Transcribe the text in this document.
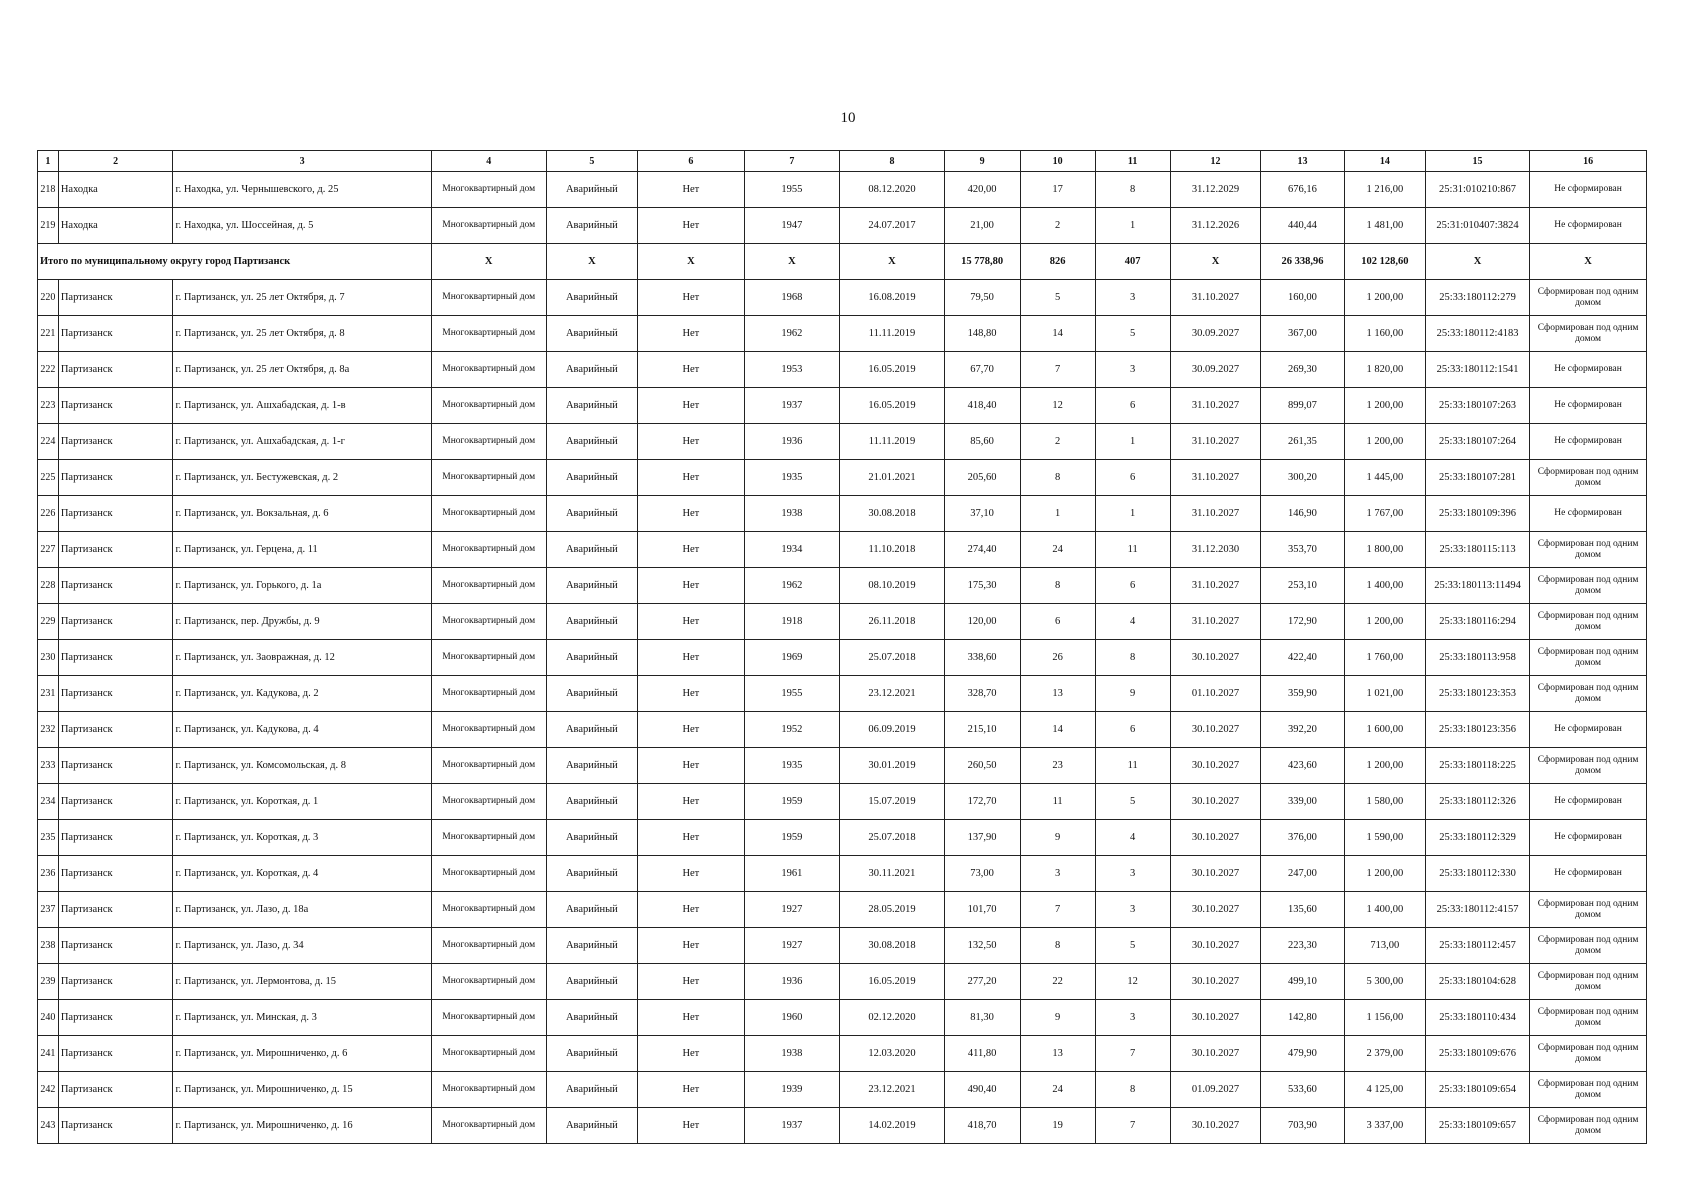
10
1	2	3	4	5	6	7	8	9	10	11	12	13	14	15	16
218	Находка	г. Находка, ул. Чернышевского, д. 25	Многоквартирный дом	Аварийный	Нет	1955	08.12.2020	420,00	17	8	31.12.2029	676,16	1 216,00	25:31:010210:867	Не сформирован
219	Находка	г. Находка, ул. Шоссейная, д. 5	Многоквартирный дом	Аварийный	Нет	1947	24.07.2017	21,00	2	1	31.12.2026	440,44	1 481,00	25:31:010407:3824	Не сформирован
Итого по муниципальному округу город Партизанск			X	X	X	X	X	15 778,80	826	407	X	26 338,96	102 128,60	X	X
220	Партизанск	г. Партизанск, ул. 25 лет Октября, д. 7	Многоквартирный дом	Аварийный	Нет	1968	16.08.2019	79,50	5	3	31.10.2027	160,00	1 200,00	25:33:180112:279	Сформирован под одним домом
221	Партизанск	г. Партизанск, ул. 25 лет Октября, д. 8	Многоквартирный дом	Аварийный	Нет	1962	11.11.2019	148,80	14	5	30.09.2027	367,00	1 160,00	25:33:180112:4183	Сформирован под одним домом
222	Партизанск	г. Партизанск, ул. 25 лет Октября, д. 8а	Многоквартирный дом	Аварийный	Нет	1953	16.05.2019	67,70	7	3	30.09.2027	269,30	1 820,00	25:33:180112:1541	Не сформирован
223	Партизанск	г. Партизанск, ул. Ашхабадская, д. 1-в	Многоквартирный дом	Аварийный	Нет	1937	16.05.2019	418,40	12	6	31.10.2027	899,07	1 200,00	25:33:180107:263	Не сформирован
224	Партизанск	г. Партизанск, ул. Ашхабадская, д. 1-г	Многоквартирный дом	Аварийный	Нет	1936	11.11.2019	85,60	2	1	31.10.2027	261,35	1 200,00	25:33:180107:264	Не сформирован
225	Партизанск	г. Партизанск, ул. Бестужевская, д. 2	Многоквартирный дом	Аварийный	Нет	1935	21.01.2021	205,60	8	6	31.10.2027	300,20	1 445,00	25:33:180107:281	Сформирован под одним домом
226	Партизанск	г. Партизанск, ул. Вокзальная, д. 6	Многоквартирный дом	Аварийный	Нет	1938	30.08.2018	37,10	1	1	31.10.2027	146,90	1 767,00	25:33:180109:396	Не сформирован
227	Партизанск	г. Партизанск, ул. Герцена, д. 11	Многоквартирный дом	Аварийный	Нет	1934	11.10.2018	274,40	24	11	31.12.2030	353,70	1 800,00	25:33:180115:113	Сформирован под одним домом
228	Партизанск	г. Партизанск, ул. Горького, д. 1а	Многоквартирный дом	Аварийный	Нет	1962	08.10.2019	175,30	8	6	31.10.2027	253,10	1 400,00	25:33:180113:11494	Сформирован под одним домом
229	Партизанск	г. Партизанск, пер. Дружбы, д. 9	Многоквартирный дом	Аварийный	Нет	1918	26.11.2018	120,00	6	4	31.10.2027	172,90	1 200,00	25:33:180116:294	Сформирован под одним домом
230	Партизанск	г. Партизанск, ул. Заовражная, д. 12	Многоквартирный дом	Аварийный	Нет	1969	25.07.2018	338,60	26	8	30.10.2027	422,40	1 760,00	25:33:180113:958	Сформирован под одним домом
231	Партизанск	г. Партизанск, ул. Кадукова, д. 2	Многоквартирный дом	Аварийный	Нет	1955	23.12.2021	328,70	13	9	01.10.2027	359,90	1 021,00	25:33:180123:353	Сформирован под одним домом
232	Партизанск	г. Партизанск, ул. Кадукова, д. 4	Многоквартирный дом	Аварийный	Нет	1952	06.09.2019	215,10	14	6	30.10.2027	392,20	1 600,00	25:33:180123:356	Не сформирован
233	Партизанск	г. Партизанск, ул. Комсомольская, д. 8	Многоквартирный дом	Аварийный	Нет	1935	30.01.2019	260,50	23	11	30.10.2027	423,60	1 200,00	25:33:180118:225	Сформирован под одним домом
234	Партизанск	г. Партизанск, ул. Короткая, д. 1	Многоквартирный дом	Аварийный	Нет	1959	15.07.2019	172,70	11	5	30.10.2027	339,00	1 580,00	25:33:180112:326	Не сформирован
235	Партизанск	г. Партизанск, ул. Короткая, д. 3	Многоквартирный дом	Аварийный	Нет	1959	25.07.2018	137,90	9	4	30.10.2027	376,00	1 590,00	25:33:180112:329	Не сформирован
236	Партизанск	г. Партизанск, ул. Короткая, д. 4	Многоквартирный дом	Аварийный	Нет	1961	30.11.2021	73,00	3	3	30.10.2027	247,00	1 200,00	25:33:180112:330	Не сформирован
237	Партизанск	г. Партизанск, ул. Лазо, д. 18а	Многоквартирный дом	Аварийный	Нет	1927	28.05.2019	101,70	7	3	30.10.2027	135,60	1 400,00	25:33:180112:4157	Сформирован под одним домом
238	Партизанск	г. Партизанск, ул. Лазо, д. 34	Многоквартирный дом	Аварийный	Нет	1927	30.08.2018	132,50	8	5	30.10.2027	223,30	713,00	25:33:180112:457	Сформирован под одним домом
239	Партизанск	г. Партизанск, ул. Лермонтова, д. 15	Многоквартирный дом	Аварийный	Нет	1936	16.05.2019	277,20	22	12	30.10.2027	499,10	5 300,00	25:33:180104:628	Сформирован под одним домом
240	Партизанск	г. Партизанск, ул. Минская, д. 3	Многоквартирный дом	Аварийный	Нет	1960	02.12.2020	81,30	9	3	30.10.2027	142,80	1 156,00	25:33:180110:434	Сформирован под одним домом
241	Партизанск	г. Партизанск, ул. Мирошниченко, д. 6	Многоквартирный дом	Аварийный	Нет	1938	12.03.2020	411,80	13	7	30.10.2027	479,90	2 379,00	25:33:180109:676	Сформирован под одним домом
242	Партизанск	г. Партизанск, ул. Мирошниченко, д. 15	Многоквартирный дом	Аварийный	Нет	1939	23.12.2021	490,40	24	8	01.09.2027	533,60	4 125,00	25:33:180109:654	Сформирован под одним домом
243	Партизанск	г. Партизанск, ул. Мирошниченко, д. 16	Многоквартирный дом	Аварийный	Нет	1937	14.02.2019	418,70	19	7	30.10.2027	703,90	3 337,00	25:33:180109:657	Сформирован под одним домом
